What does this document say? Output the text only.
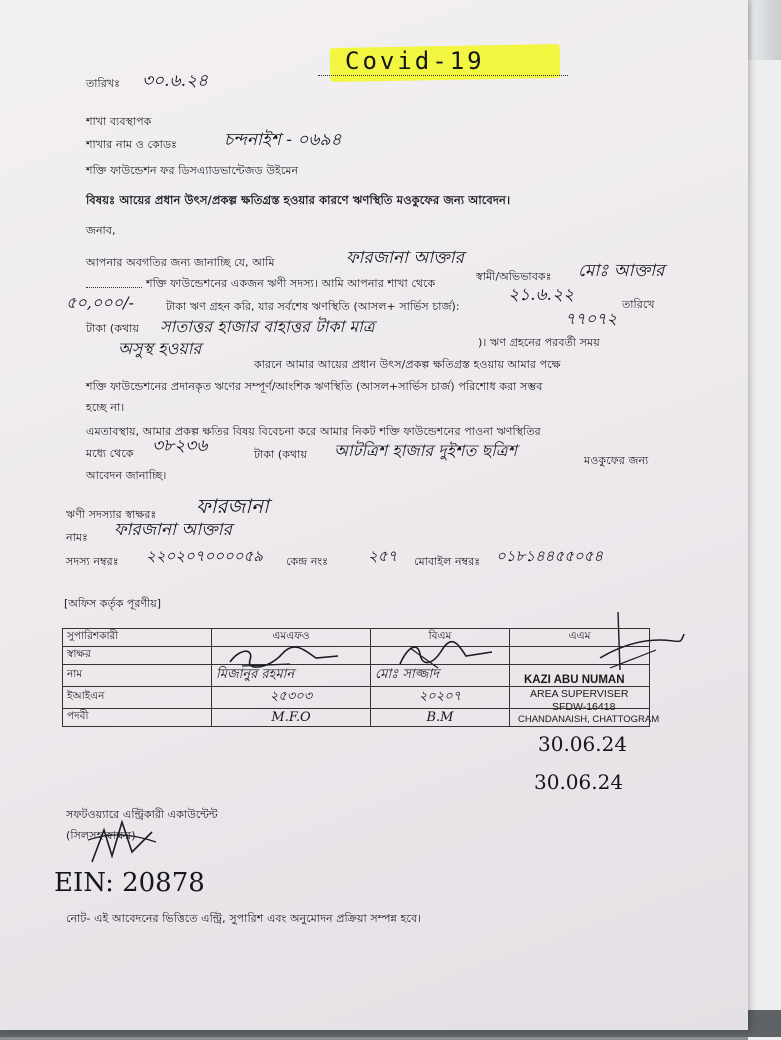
Covid-19
তারিখঃ ৩০.৬.২৪
শাখা ব্যবস্থাপক
শাখার নাম ও কোডঃ	চন্দনাইশ - ০৬৯৪
শক্তি ফাউন্ডেশন ফর ডিসএ্যাডভান্টেজড উইমেন
বিষয়ঃ আয়ের প্রধান উৎস/প্রকল্প ক্ষতিগ্রস্ত হওয়ার কারণে ঋণস্থিতি মওকুফের জন্য আবেদন।
জনাব,
আপনার অবগতির জন্য জানাচ্ছি যে, আমি	ফারজানা আক্তার
স্বামী/অভিভাবকঃ মোঃ আক্তার
শক্তি ফাউন্ডেশনের একজন ঋণী সদস্য। আমি আপনার শাখা থেকে
২১.৬.২২	তারিখে
৫০,০০০/-	টাকা ঋণ গ্রহন করি, যার সর্বশেষ ঋণস্থিতি (আসল+ সার্ভিস চার্জ):
৭৭০৭২
টাকা (কথায় সাতাত্তর হাজার বাহাত্তর টাকা মাত্র
)। ঋণ গ্রহনের পরবর্তী সময়
অসুস্থ হওয়ার
কারনে আমার আয়ের প্রধান উৎস/প্রকল্প ক্ষতিগ্রস্ত হওয়ায় আমার পক্ষে
শক্তি ফাউন্ডেশনের প্রদানকৃত ঋণের সম্পূর্ণ/আংশিক ঋণস্থিতি (আসল+সার্ভিস চার্জ) পরিশোধ করা সম্ভব
হচ্ছে না।
এমতাবস্থায়, আমার প্রকল্প ক্ষতির বিষয় বিবেচনা করে আমার নিকট শক্তি ফাউন্ডেশনের পাওনা ঋণস্থিতির
মধ্যে থেকে ৩৮২৩৬	টাকা (কথায় আটত্রিশ হাজার দুইশত ছত্রিশ
মওকুফের জন্য
আবেদন জানাচ্ছি।
ঋণী সদস্যার স্বাক্ষরঃ ফারজানা
নামঃ ফারজানা আক্তার
সদস্য নম্বরঃ ২২০২০৭০০০০৫৯ কেন্দ্র নংঃ	২৫৭ মোবাইল নম্বরঃ ০১৮১৪৪৫৫০৫৪
[অফিস কর্তৃক পূরণীয়]
সুপারিশকারী	এমএফও	বিএম	এএম
স্বাক্ষর			
নাম	মিজানুর রহমান	মোঃ সাজ্জাদ	
ইআইএন	২৫৩০৩	২০২০৭	
পদবী	M.F.O	B.M	
KAZI ABU NUMAN
AREA SUPERVISER
SFDW-16418
CHANDANAISH, CHATTOGRAM
30.06.24
30.06.24
সফটওয়্যারে এন্ট্রিকারী একাউন্টেন্ট
(সিলসহ স্বাক্ষর)
EIN: 20878
নোট- এই আবেদনের ভিত্তিতে এন্ট্রি, সুপারিশ এবং অনুমোদন প্রক্রিয়া সম্পন্ন হবে।
